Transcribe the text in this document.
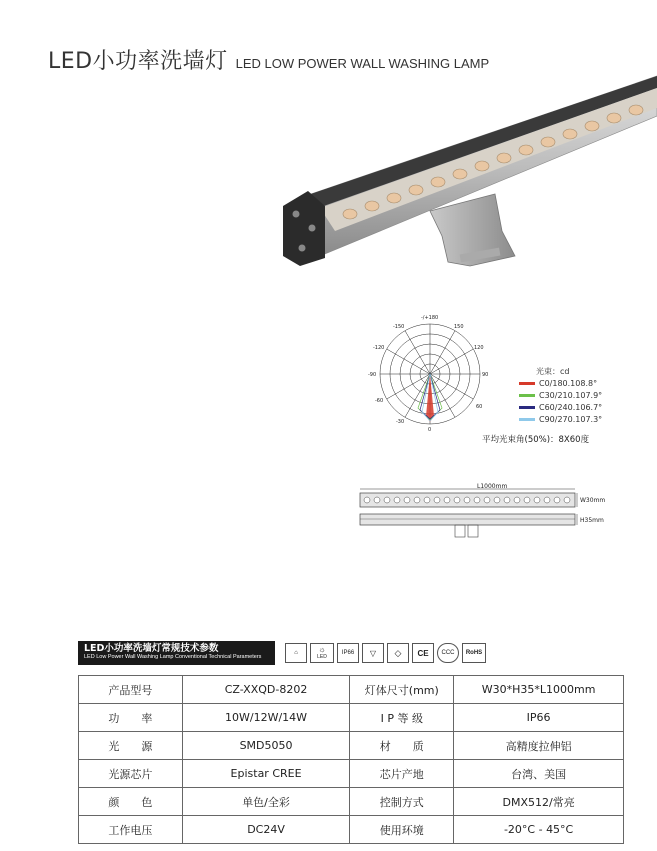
LED小功率洗墙灯 LED LOW POWER WALL WASHING LAMP
-/+180
-150	150
-120	120
-90	90
-60
60
-30
0
光束：cd
C0/180.108.8°
C30/210.107.9°
C60/240.106.7°
C90/270.107.3°
平均光束角(50%)：8X60度
L1000mm
W30mm
H35mm
LED小功率洗墙灯常规技术参数
LED Low Power Wall Washing Lamp Conventional Technical Parameters
⌂	☼
LED
IP66	▽	◇	CE	CCC	RoHS
产品型号	CZ-XXQD-8202	灯体尺寸(mm)	W30*H35*L1000mm
功　　率	10W/12W/14W	I P 等 级	IP66
光　　源	SMD5050	材　　质	高精度拉伸铝
光源芯片	Epistar CREE	芯片产地	台湾、美国
颜　　色	单色/全彩	控制方式	DMX512/常亮
工作电压	DC24V	使用环境	-20°C - 45°C
